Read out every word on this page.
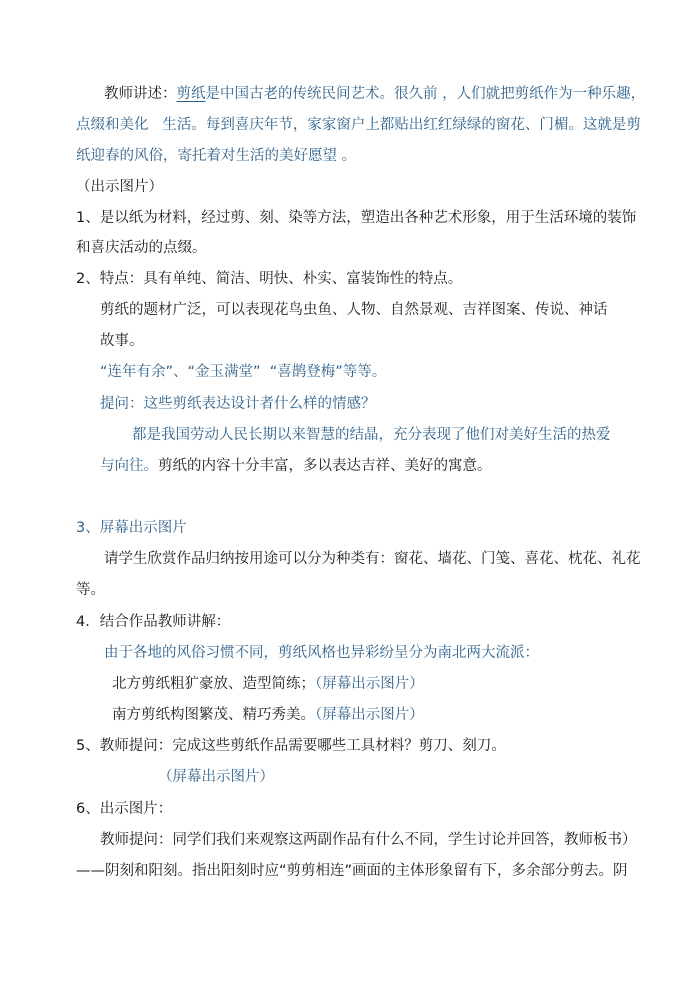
教师讲述：剪纸是中国古老的传统民间艺术。很久前 ，人们就把剪纸作为一种乐趣，
点缀和美化   生活。每到喜庆年节，家家窗户上都贴出红红绿绿的窗花、门楣。这就是剪
纸迎春的风俗，寄托着对生活的美好愿望 。
（出示图片）
1、是以纸为材料，经过剪、刻、染等方法，塑造出各种艺术形象，用于生活环境的装饰
和喜庆活动的点缀。
2、特点：具有单纯、简洁、明快、朴实、富装饰性的特点。
剪纸的题材广泛，可以表现花鸟虫鱼、人物、自然景观、吉祥图案、传说、神话
故事。
“连年有余”、“金玉满堂”  “喜鹊登梅”等等。
提问：这些剪纸表达设计者什么样的情感？
都是我国劳动人民长期以来智慧的结晶，充分表现了他们对美好生活的热爱
与向往。剪纸的内容十分丰富，多以表达吉祥、美好的寓意。
3、屏幕出示图片
请学生欣赏作品归纳按用途可以分为种类有：窗花、墙花、门笺、喜花、枕花、礼花
等。
4．结合作品教师讲解：
由于各地的风俗习惯不同，剪纸风格也异彩纷呈分为南北两大流派：
北方剪纸粗犷豪放、造型简练；（屏幕出示图片）
南方剪纸构图繁茂、精巧秀美。（屏幕出示图片）
5、教师提问：完成这些剪纸作品需要哪些工具材料？剪刀、刻刀。
（屏幕出示图片）
6、出示图片：
教师提问：同学们我们来观察这两副作品有什么不同，学生讨论并回答，教师板书）
——阴刻和阳刻。指出阳刻时应“剪剪相连”画面的主体形象留有下，多余部分剪去。阴
